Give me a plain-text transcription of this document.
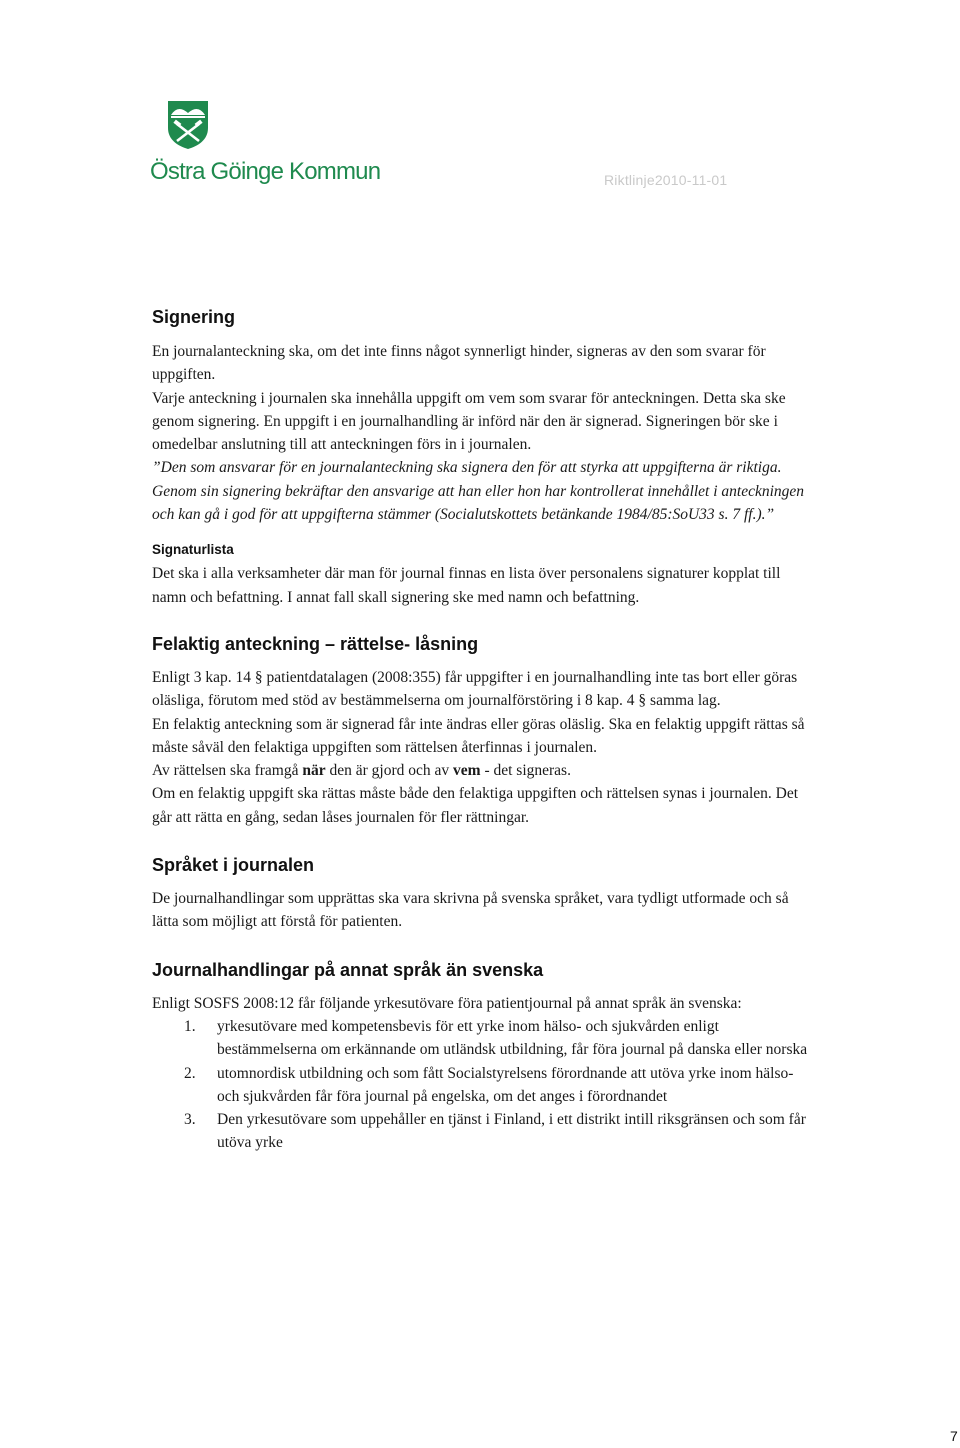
Östra Göinge Kommun	Riktlinje2010-11-01
Signering

En journalanteckning ska, om det inte finns något synnerligt hinder, signeras av den som svarar för uppgiften.

Varje anteckning i journalen ska innehålla uppgift om vem som svarar för anteckningen. Detta ska ske genom signering. En uppgift i en journalhandling är införd när den är signerad. Signeringen bör ske i omedelbar anslutning till att anteckningen förs in i journalen.

”Den som ansvarar för en journalanteckning ska signera den för att styrka att uppgifterna är riktiga. Genom sin signering bekräftar den ansvarige att han eller hon har kontrollerat innehållet i anteckningen och kan gå i god för att uppgifterna stämmer (Socialutskottets betänkande 1984/85:SoU33 s. 7 ff.).”

Signaturlista

Det ska i alla verksamheter där man för journal finnas en lista över personalens signaturer kopplat till namn och befattning. I annat fall skall signering ske med namn och befattning.

Felaktig anteckning – rättelse- låsning

Enligt 3 kap. 14 § patientdatalagen (2008:355) får uppgifter i en journalhandling inte tas bort eller göras oläsliga, förutom med stöd av bestämmelserna om journalförstöring i 8 kap. 4 § samma lag.

En felaktig anteckning som är signerad får inte ändras eller göras oläslig. Ska en felaktig uppgift rättas så måste såväl den felaktiga uppgiften som rättelsen återfinnas i journalen.

Av rättelsen ska framgå när den är gjord och av vem - det signeras.

Om en felaktig uppgift ska rättas måste både den felaktiga uppgiften och rättelsen synas i journalen. Det går att rätta en gång, sedan låses journalen för fler rättningar.

Språket i journalen

De journalhandlingar som upprättas ska vara skrivna på svenska språket, vara tydligt utformade och så lätta som möjligt att förstå för patienten.

Journalhandlingar på annat språk än svenska

Enligt SOSFS 2008:12 får följande yrkesutövare föra patientjournal på annat språk än svenska:

1.	yrkesutövare med kompetensbevis för ett yrke inom hälso- och sjukvården enligt bestämmelserna om erkännande om utländsk utbildning, får föra journal på danska eller norska
2.	utomnordisk utbildning och som fått Socialstyrelsens förordnande att utöva yrke inom hälso- och sjukvården får föra journal på engelska, om det anges i förordnandet
3.	Den yrkesutövare som uppehåller en tjänst i Finland, i ett distrikt intill riksgränsen och som får utöva yrke
7
